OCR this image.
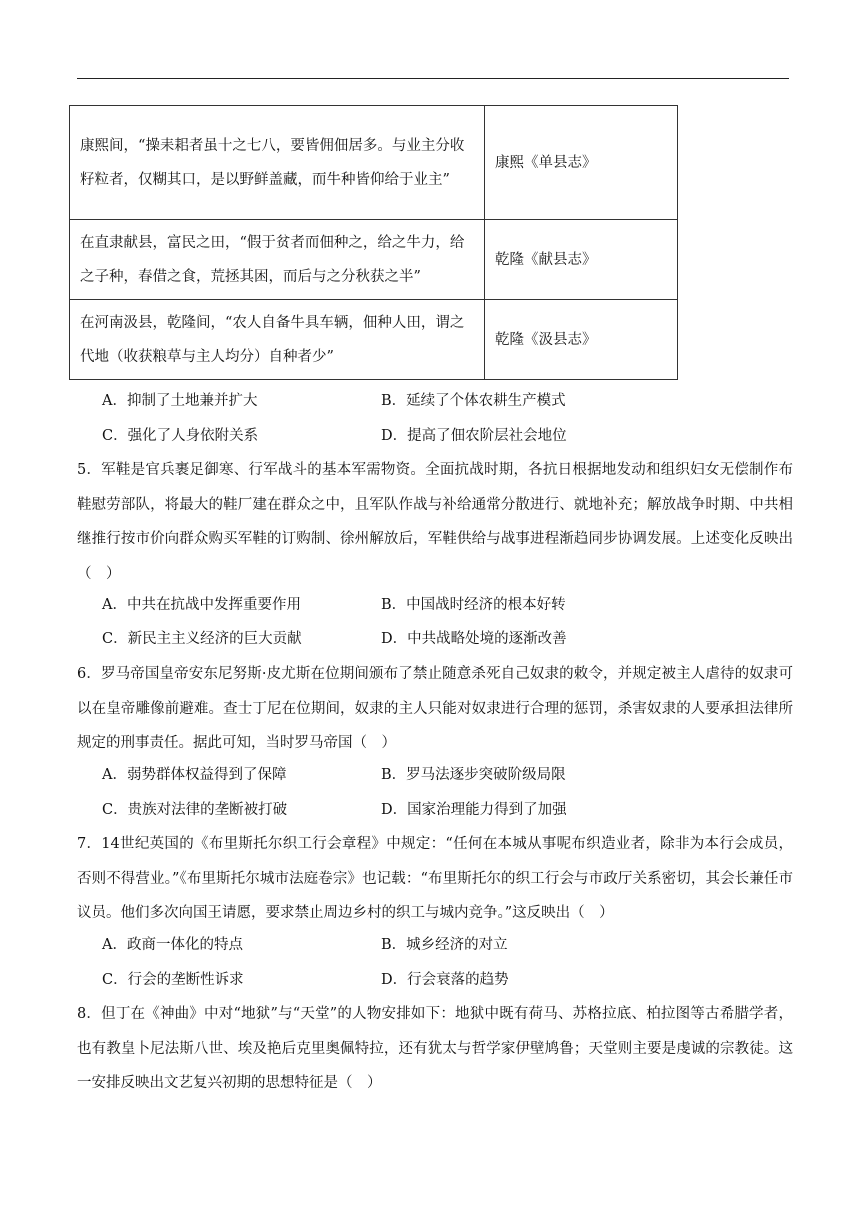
康熙间，“操耒耜者虽十之七八，要皆佣佃居多。与业主分收籽粒者，仅糊其口，是以野鲜盖藏，而牛种皆仰给于业主”	康熙《单县志》
在直隶献县，富民之田，“假于贫者而佃种之，给之牛力，给之子种，春借之食，荒拯其困，而后与之分秋获之半”	乾隆《献县志》
在河南汲县，乾隆间，“农人自备牛具车辆，佃种人田，谓之代地（收获粮草与主人均分）自种者少”	乾隆《汲县志》
A．抑制了土地兼并扩大	B．延续了个体农耕生产模式
C．强化了人身依附关系	D．提高了佃农阶层社会地位
5．军鞋是官兵裹足御寒、行军战斗的基本军需物资。全面抗战时期，各抗日根据地发动和组织妇女无偿制作布鞋慰劳部队，将最大的鞋厂建在群众之中，且军队作战与补给通常分散进行、就地补充；解放战争时期、中共相继推行按市价向群众购买军鞋的订购制、徐州解放后，军鞋供给与战事进程渐趋同步协调发展。上述变化反映出（　）
A．中共在抗战中发挥重要作用	B．中国战时经济的根本好转
C．新民主主义经济的巨大贡献	D．中共战略处境的逐渐改善
6．罗马帝国皇帝安东尼努斯·皮尤斯在位期间颁布了禁止随意杀死自己奴隶的敕令，并规定被主人虐待的奴隶可以在皇帝雕像前避难。查士丁尼在位期间，奴隶的主人只能对奴隶进行合理的惩罚，杀害奴隶的人要承担法律所规定的刑事责任。据此可知，当时罗马帝国（　）
A．弱势群体权益得到了保障	B．罗马法逐步突破阶级局限
C．贵族对法律的垄断被打破	D．国家治理能力得到了加强
7．14世纪英国的《布里斯托尔织工行会章程》中规定：“任何在本城从事呢布织造业者，除非为本行会成员，否则不得营业。”《布里斯托尔城市法庭卷宗》也记载：“布里斯托尔的织工行会与市政厅关系密切，其会长兼任市议员。他们多次向国王请愿，要求禁止周边乡村的织工与城内竞争。”这反映出（　）
A．政商一体化的特点	B．城乡经济的对立
C．行会的垄断性诉求	D．行会衰落的趋势
8．但丁在《神曲》中对“地狱”与“天堂”的人物安排如下：地狱中既有荷马、苏格拉底、柏拉图等古希腊学者，也有教皇卜尼法斯八世、埃及艳后克里奥佩特拉，还有犹太与哲学家伊壁鸠鲁；天堂则主要是虔诚的宗教徒。这一安排反映出文艺复兴初期的思想特征是（　）
